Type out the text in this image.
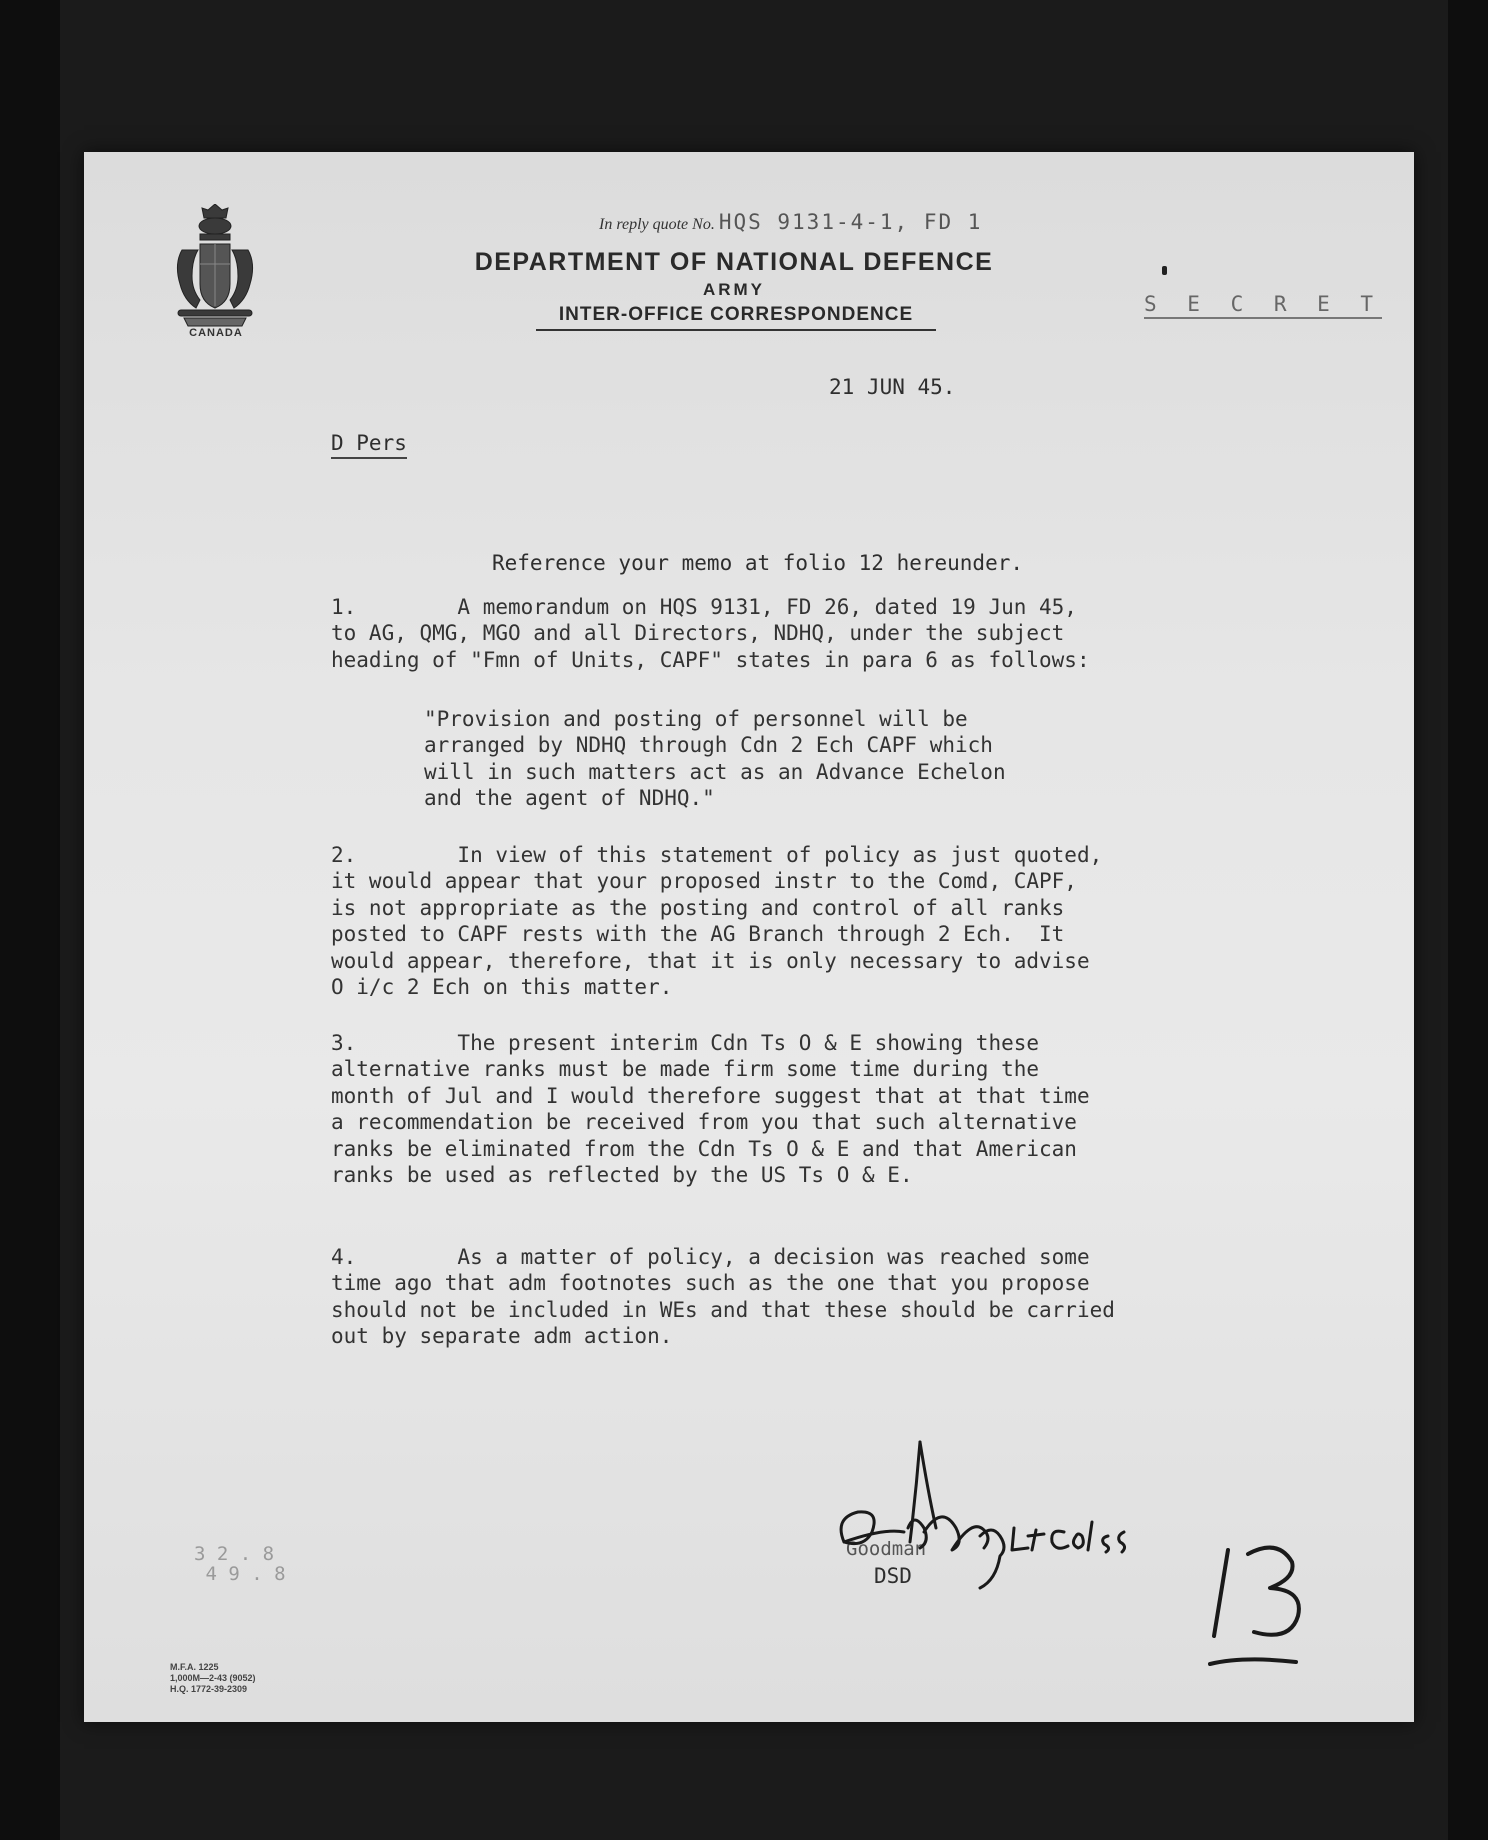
CANADA
In reply quote No. HQS 9131-4-1, FD 1
DEPARTMENT OF NATIONAL DEFENCE
ARMY
INTER-OFFICE CORRESPONDENCE	S E C R E T
21 JUN 45.
D Pers
Reference your memo at folio 12 hereunder.
1.        A memorandum on HQS 9131, FD 26, dated 19 Jun 45,
to AG, QMG, MGO and all Directors, NDHQ, under the subject
heading of "Fmn of Units, CAPF" states in para 6 as follows:
"Provision and posting of personnel will be
arranged by NDHQ through Cdn 2 Ech CAPF which
will in such matters act as an Advance Echelon
and the agent of NDHQ."
2.        In view of this statement of policy as just quoted,
it would appear that your proposed instr to the Comd, CAPF,
is not appropriate as the posting and control of all ranks
posted to CAPF rests with the AG Branch through 2 Ech.  It
would appear, therefore, that it is only necessary to advise
O i/c 2 Ech on this matter.
3.        The present interim Cdn Ts O & E showing these
alternative ranks must be made firm some time during the
month of Jul and I would therefore suggest that at that time
a recommendation be received from you that such alternative
ranks be eliminated from the Cdn Ts O & E and that American
ranks be used as reflected by the US Ts O & E.
4.        As a matter of policy, a decision was reached some
time ago that adm footnotes such as the one that you propose
should not be included in WEs and that these should be carried
out by separate adm action.
Goodman
DSD
13
3 2 . 8
4 9 . 8
M.F.A. 1225
1,000M—2-43 (9052)
H.Q. 1772-39-2309
